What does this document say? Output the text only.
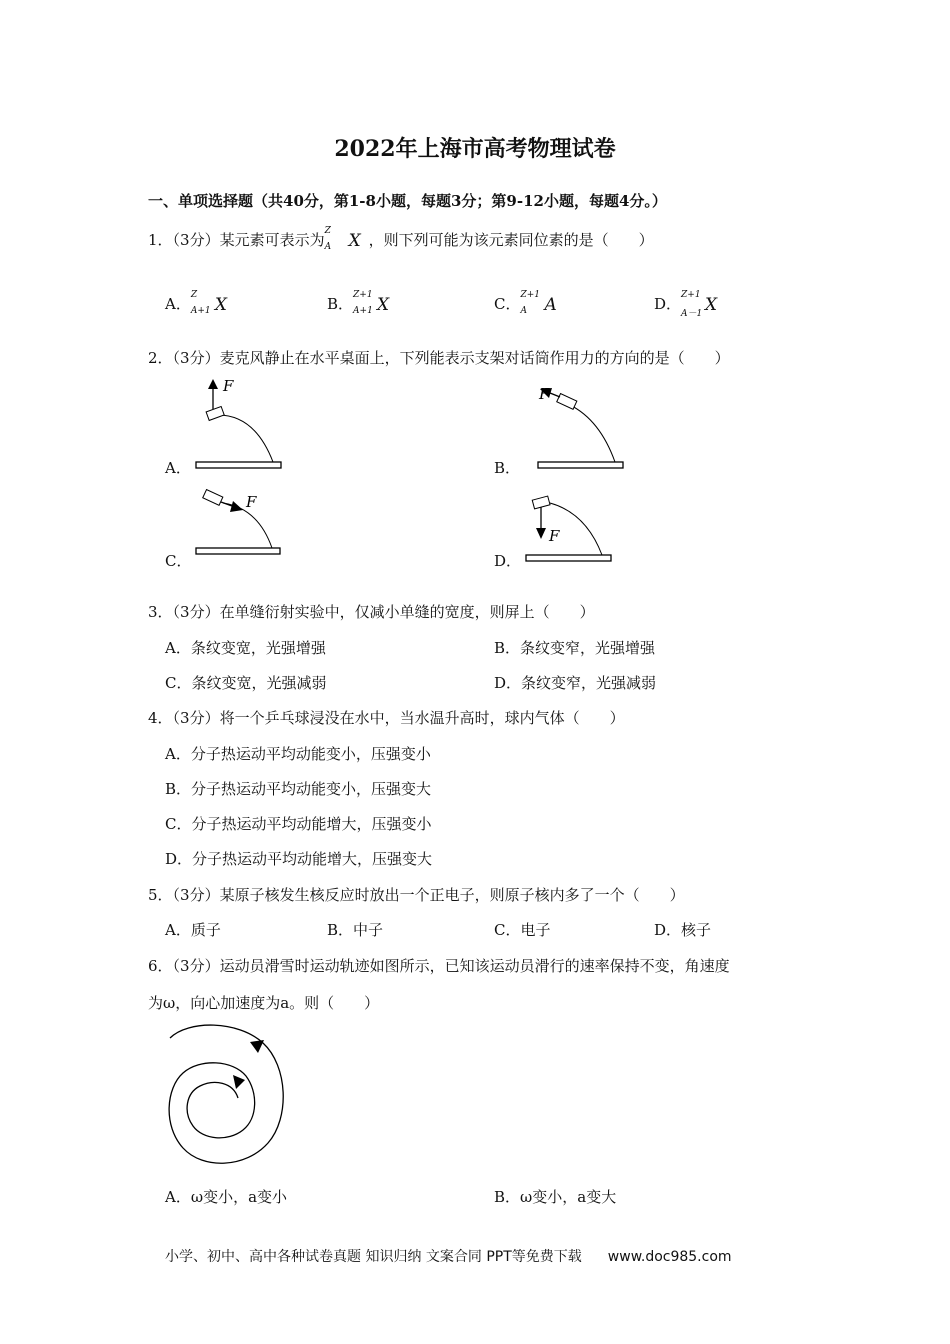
2022年上海市高考物理试卷
一、单项选择题（共40分，第1-8小题，每题3分；第9-12小题，每题4分。）
1．（3分）某元素可表示为 Z
A X ，则下列可能为该元素同位素的是（　　）
A． Z
A+1 X	B． Z+1
A+1 X	C． Z+1
A A	D． Z+1
A－1 X
2．（3分）麦克风静止在水平桌面上，下列能表示支架对话筒作用力的方向的是（　　）
A．
F
B．
F
C．
F
D．
F
3．（3分）在单缝衍射实验中，仅减小单缝的宽度，则屏上（　　）
A．条纹变宽，光强增强	B．条纹变窄，光强增强
C．条纹变宽，光强减弱	D．条纹变窄，光强减弱
4．（3分）将一个乒乓球浸没在水中，当水温升高时，球内气体（　　）
A．分子热运动平均动能变小，压强变小
B．分子热运动平均动能变小，压强变大
C．分子热运动平均动能增大，压强变小
D．分子热运动平均动能增大，压强变大
5．（3分）某原子核发生核反应时放出一个正电子，则原子核内多了一个（　　）
A．质子	B．中子	C．电子	D．核子
6．（3分）运动员滑雪时运动轨迹如图所示，已知该运动员滑行的速率保持不变，角速度
为ω，向心加速度为a。则（　　）
A．ω变小，a变小	B．ω变小，a变大
小学、初中、高中各种试卷真题 知识归纳 文案合同 PPT等免费下载 www.doc985.com
